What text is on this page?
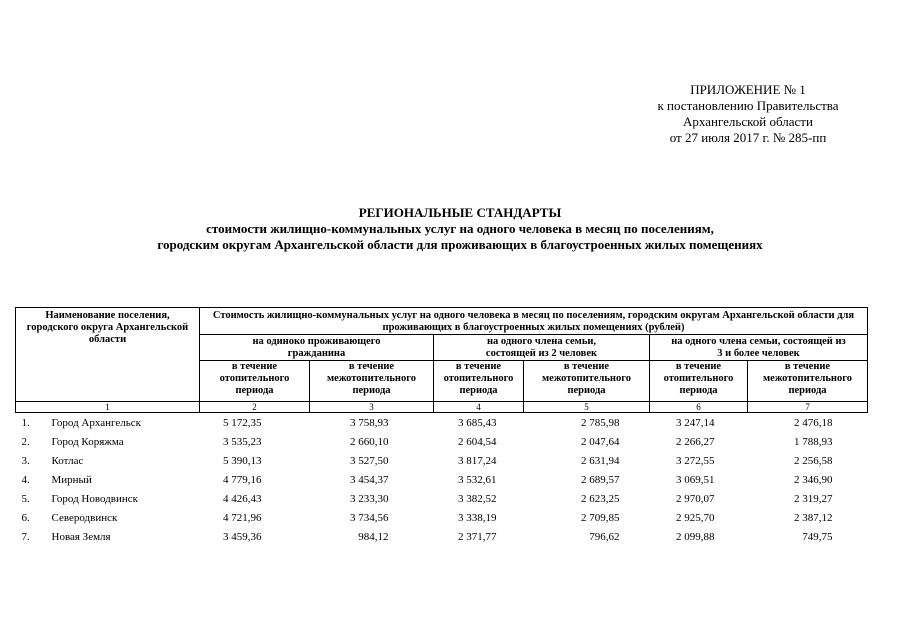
ПРИЛОЖЕНИЕ № 1
к постановлению Правительства
Архангельской области
от 27 июля 2017 г. № 285-пп
РЕГИОНАЛЬНЫЕ СТАНДАРТЫ
стоимости жилищно-коммунальных услуг на одного человека в месяц по поселениям,
городским округам Архангельской области для проживающих в благоустроенных жилых помещениях
Наименование поселения, городского округа Архангельской области	Стоимость жилищно-коммунальных услуг на одного человека в месяц по поселениям, городским округам Архангельской области для проживающих в благоустроенных жилых помещениях (рублей)					
	на одиноко проживающего гражданина		на одного члена семьи, состоящей из 2 человек		на одного члена семьи, состоящей из 3 и более человек	
	в течение отопительного периода	в течение межотопительного периода	в течение отопительного периода	в течение межотопительного периода	в течение отопительного периода	в течение межотопительного периода
1	2	3	4	5	6	7
1. Город Архангельск	5 172,35	3 758,93	3 685,43	2 785,98	3 247,14	2 476,18
2. Город Коряжма	3 535,23	2 660,10	2 604,54	2 047,64	2 266,27	1 788,93
3. Котлас	5 390,13	3 527,50	3 817,24	2 631,94	3 272,55	2 256,58
4. Мирный	4 779,16	3 454,37	3 532,61	2 689,57	3 069,51	2 346,90
5. Город Новодвинск	4 426,43	3 233,30	3 382,52	2 623,25	2 970,07	2 319,27
6. Северодвинск	4 721,96	3 734,56	3 338,19	2 709,85	2 925,70	2 387,12
7. Новая Земля	3 459,36	984,12	2 371,77	796,62	2 099,88	749,75
